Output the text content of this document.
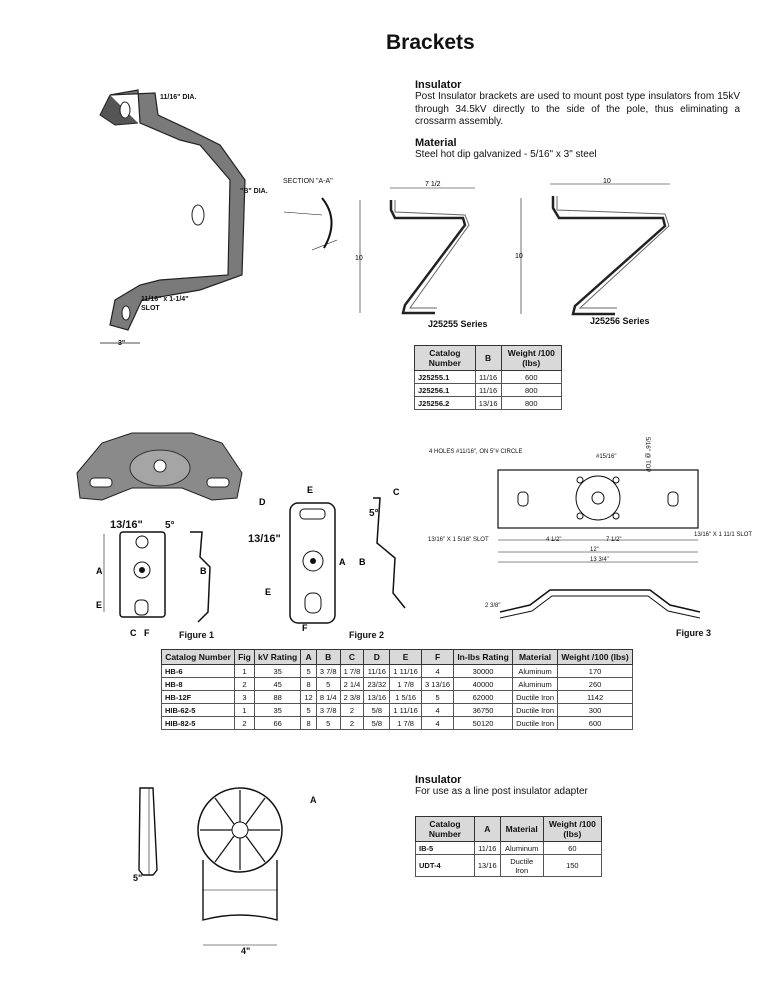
Brackets

Insulator

Post Insulator brackets are used to mount post type insulators from 15kV through 34.5kV directly to the side of the pole, thus eliminating a crossarm assembly.

Material

Steel hot dip galvanized - 5/16" x 3" steel

11/16" DIA.
"B" DIA.
11/16" x 1-1/4"
SLOT
3"
SECTION "A-A"	7 1/2
10
J25255 Series
10
10
J25256 Series
Catalog Number	B	Weight /100 (lbs)
J25255.1	11/16	600
J25256.1	11/16	800
J25256.2	13/16	800
A
E
C F
B
13/16" 5°
Figure 1
D
E
A
E
F
C
B
13/16"
5°
Figure 2
4 HOLES #11/16", ON 5"# CIRCLE
#15/16"	5/16" @ TOP
13/16" X 1 5/16" SLOT
13/16" X 1 11/1 SLOT
4 1/2"	7 1/2"
12"
13 3/4"
2 3/8"
Figure 3
Catalog Number	Fig	kV Rating	A	B	C	D	E	F	In-lbs Rating	Material	Weight /100 (lbs)
HB-6	1	35	5	3 7/8	1 7/8	11/16	1 11/16	4	30000	Aluminum	170
HB-8	2	45	8	5	2 1/4	23/32	1 7/8	3 13/16	40000	Aluminum	260
HB-12F	3	88	12	8 1/4	2 3/8	13/16	1 5/16	5	62000	Ductile Iron	1142
HIB-62-5	1	35	5	3 7/8	2	5/8	1 11/16	4	36750	Ductile Iron	300
HIB-82-5	2	66	8	5	2	5/8	1 7/8	4	50120	Ductile Iron	600

Insulator

For use as a line post insulator adapter

A
5"
4"
Catalog Number	A	Material	Weight /100 (lbs)
IB-5	11/16	Aluminum	60
UDT-4	13/16	Ductile Iron	150
